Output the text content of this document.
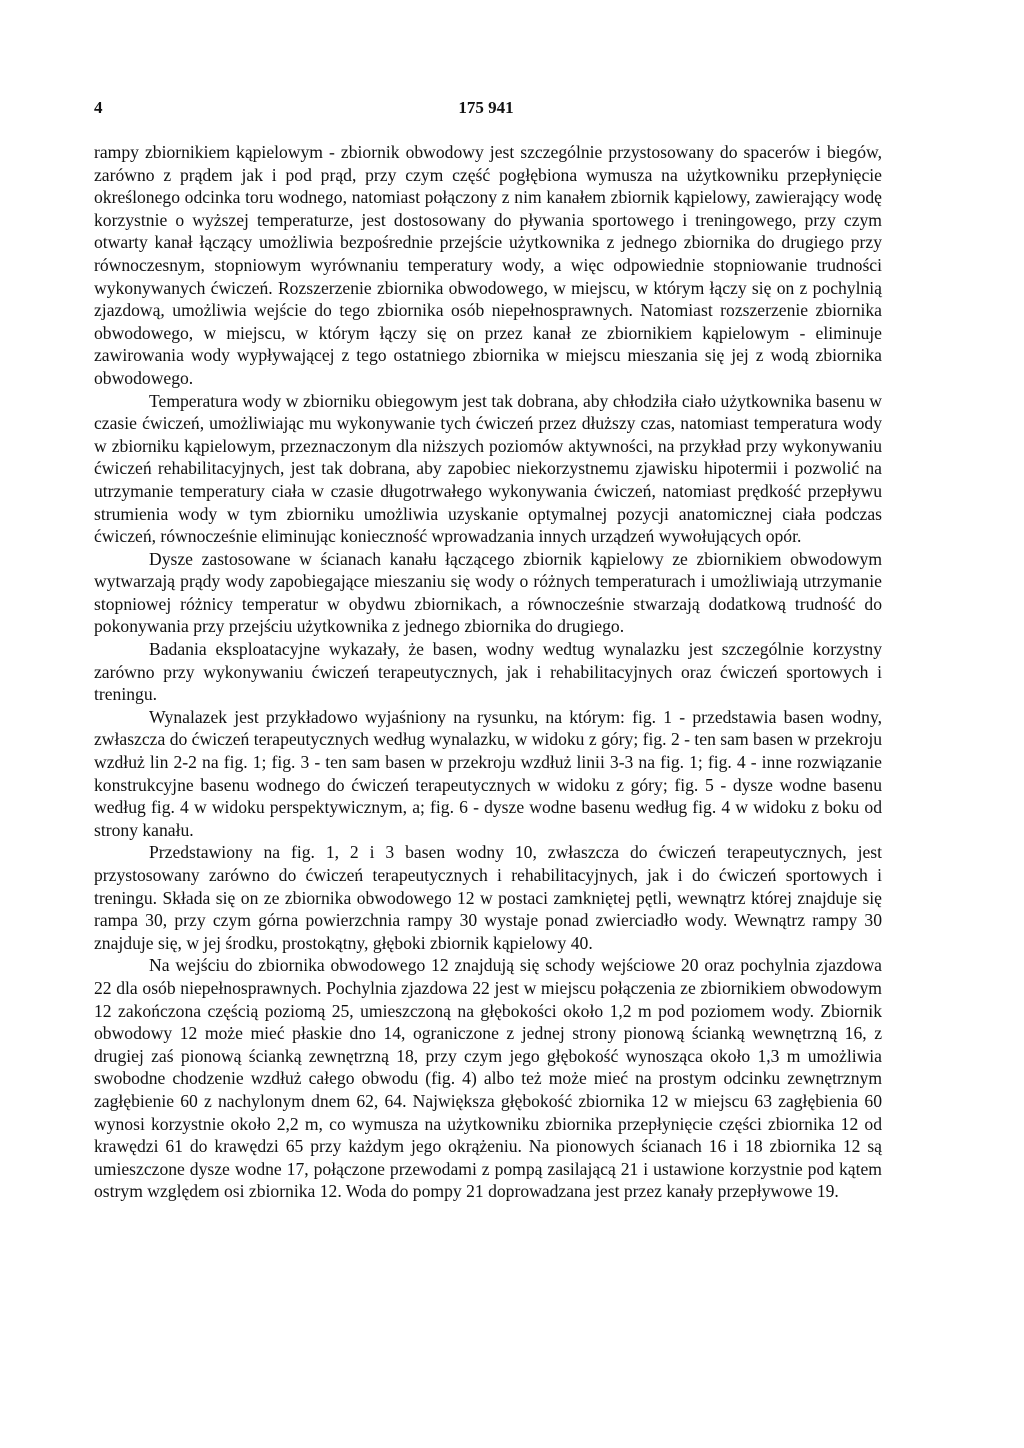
4	175 941

rampy zbiornikiem kąpielowym - zbiornik obwodowy jest szczególnie przystosowany do spacerów i biegów, zarówno z prądem jak i pod prąd, przy czym część pogłębiona wymusza na użytkowniku przepłynięcie określonego odcinka toru wodnego, natomiast połączony z nim kanałem zbiornik kąpielowy, zawierający wodę korzystnie o wyższej temperaturze, jest dostosowany do pływania sportowego i treningowego, przy czym otwarty kanał łączący umożliwia bezpośrednie przejście użytkownika z jednego zbiornika do drugiego przy równoczesnym, stopniowym wyrównaniu temperatury wody, a więc odpowiednie stopniowanie trudności wykonywanych ćwiczeń. Rozszerzenie zbiornika obwodowego, w miejscu, w którym łączy się on z pochylnią zjazdową, umożliwia wejście do tego zbiornika osób niepełnosprawnych. Natomiast rozszerzenie zbiornika obwodowego, w miejscu, w którym łączy się on przez kanał ze zbiornikiem kąpielowym - eliminuje zawirowania wody wypływającej z tego ostatniego zbiornika w miejscu mieszania się jej z wodą zbiornika obwodowego.

Temperatura wody w zbiorniku obiegowym jest tak dobrana, aby chłodziła ciało użytkownika basenu w czasie ćwiczeń, umożliwiając mu wykonywanie tych ćwiczeń przez dłuższy czas, natomiast temperatura wody w zbiorniku kąpielowym, przeznaczonym dla niższych poziomów aktywności, na przykład przy wykonywaniu ćwiczeń rehabilitacyjnych, jest tak dobrana, aby zapobiec niekorzystnemu zjawisku hipotermii i pozwolić na utrzymanie temperatury ciała w czasie długotrwałego wykonywania ćwiczeń, natomiast prędkość przepływu strumienia wody w tym zbiorniku umożliwia uzyskanie optymalnej pozycji anatomicznej ciała podczas ćwiczeń, równocześnie eliminując konieczność wprowadzania innych urządzeń wywołujących opór.

Dysze zastosowane w ścianach kanału łączącego zbiornik kąpielowy ze zbiornikiem obwodowym wytwarzają prądy wody zapobiegające mieszaniu się wody o różnych temperaturach i umożliwiają utrzymanie stopniowej różnicy temperatur w obydwu zbiornikach, a równocześnie stwarzają dodatkową trudność do pokonywania przy przejściu użytkownika z jednego zbiornika do drugiego.

Badania eksploatacyjne wykazały, że basen, wodny wedtug wynalazku jest szczególnie korzystny zarówno przy wykonywaniu ćwiczeń terapeutycznych, jak i rehabilitacyjnych oraz ćwiczeń sportowych i treningu.

Wynalazek jest przykładowo wyjaśniony na rysunku, na którym: fig. 1 - przedstawia basen wodny, zwłaszcza do ćwiczeń terapeutycznych według wynalazku, w widoku z góry; fig. 2 - ten sam basen w przekroju wzdłuż lin 2-2 na fig. 1; fig. 3 - ten sam basen w przekroju wzdłuż linii 3-3 na fig. 1; fig. 4 - inne rozwiązanie konstrukcyjne basenu wodnego do ćwiczeń terapeutycznych w widoku z góry; fig. 5 - dysze wodne basenu według fig. 4 w widoku perspektywicznym, a; fig. 6 - dysze wodne basenu według fig. 4 w widoku z boku od strony kanału.

Przedstawiony na fig. 1, 2 i 3 basen wodny 10, zwłaszcza do ćwiczeń terapeutycznych, jest przystosowany zarówno do ćwiczeń terapeutycznych i rehabilitacyjnych, jak i do ćwiczeń sportowych i treningu. Składa się on ze zbiornika obwodowego 12 w postaci zamkniętej pętli, wewnątrz której znajduje się rampa 30, przy czym górna powierzchnia rampy 30 wystaje ponad zwierciadło wody. Wewnątrz rampy 30 znajduje się, w jej środku, prostokątny, głęboki zbiornik kąpielowy 40.

Na wejściu do zbiornika obwodowego 12 znajdują się schody wejściowe 20 oraz pochylnia zjazdowa 22 dla osób niepełnosprawnych. Pochylnia zjazdowa 22 jest w miejscu połączenia ze zbiornikiem obwodowym 12 zakończona częścią poziomą 25, umieszczoną na głębokości około 1,2 m pod poziomem wody. Zbiornik obwodowy 12 może mieć płaskie dno 14, ograniczone z jednej strony pionową ścianką wewnętrzną 16, z drugiej zaś pionową ścianką zewnętrzną 18, przy czym jego głębokość wynosząca około 1,3 m umożliwia swobodne chodzenie wzdłuż całego obwodu (fig. 4) albo też może mieć na prostym odcinku zewnętrznym zagłębienie 60 z nachylonym dnem 62, 64. Największa głębokość zbiornika 12 w miejscu 63 zagłębienia 60 wynosi korzystnie około 2,2 m, co wymusza na użytkowniku zbiornika przepłynięcie części zbiornika 12 od krawędzi 61 do krawędzi 65 przy każdym jego okrążeniu. Na pionowych ścianach 16 i 18 zbiornika 12 są umieszczone dysze wodne 17, połączone przewodami z pompą zasilającą 21 i ustawione korzystnie pod kątem ostrym względem osi zbiornika 12. Woda do pompy 21 doprowadzana jest przez kanały przepływowe 19.
